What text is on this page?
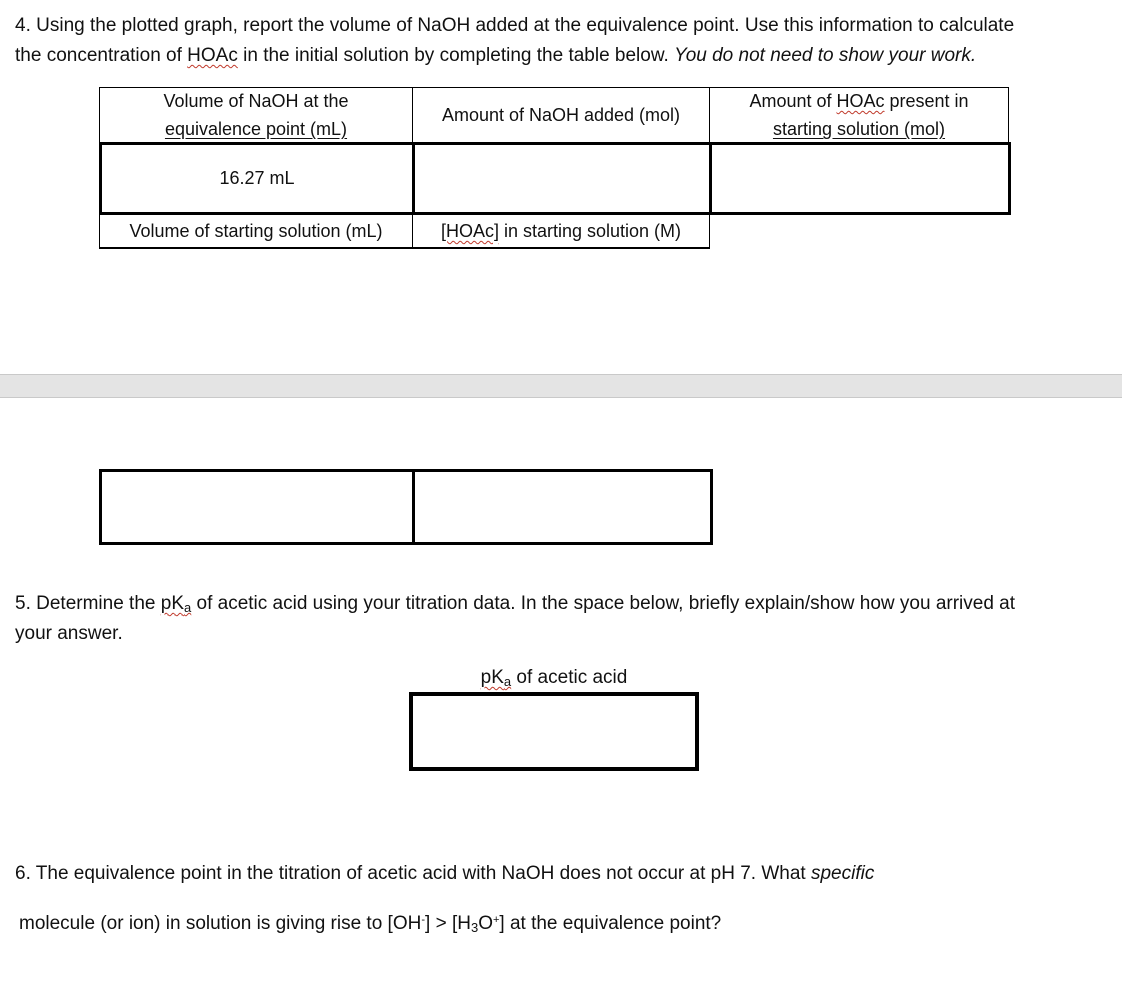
4. Using the plotted graph, report the volume of NaOH added at the equivalence point. Use this information to calculate
the concentration of HOAc in the initial solution by completing the table below. You do not need to show your work.
Volume of NaOH at the
equivalence point (mL)
Amount of NaOH added (mol)
Amount of HOAc present in
starting solution (mol)
16.27 mL
Volume of starting solution (mL)	[HOAc] in starting solution (M)
5. Determine the $pK_a$ of acetic acid using your titration data. In the space below, briefly explain/show how you arrived at
your answer.
$pK_a$ of acetic acid
6. The equivalence point in the titration of acetic acid with NaOH does not occur at pH 7. What specific
molecule (or ion) in solution is giving rise to $[OH^-] > [H_3O^+]$ at the equivalence point?
